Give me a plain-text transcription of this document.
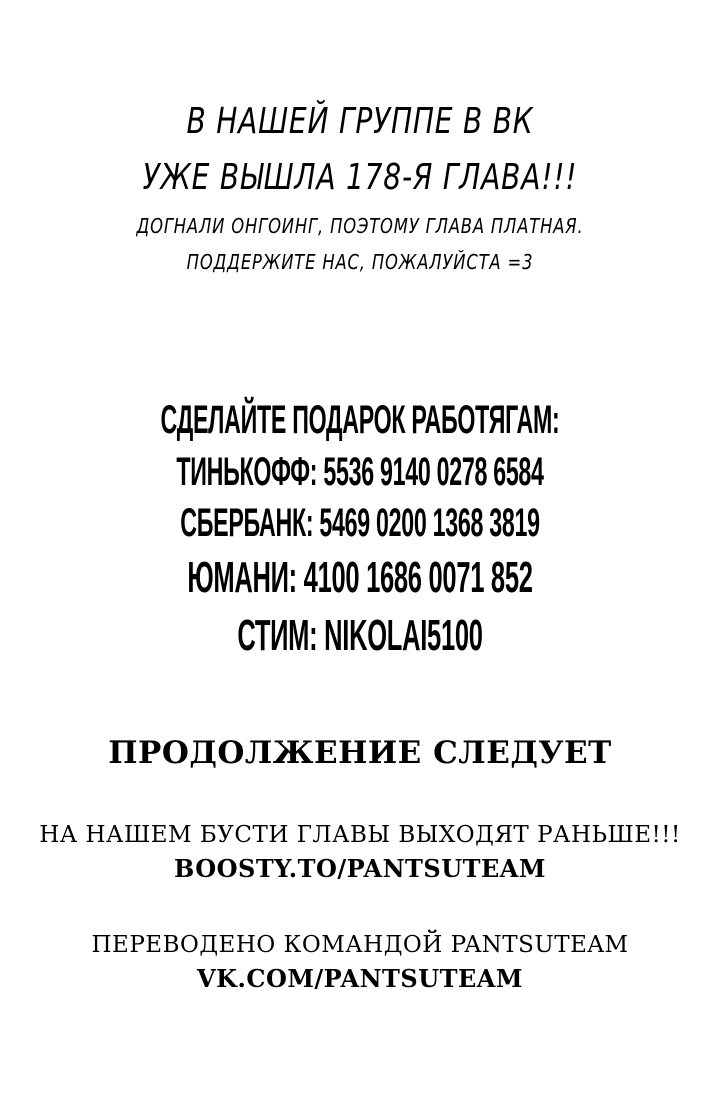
В НАШЕЙ ГРУППЕ В ВК
УЖЕ ВЫШЛА 178-Я ГЛАВА!!!
ДОГНАЛИ ОНГОИНГ, ПОЭТОМУ ГЛАВА ПЛАТНАЯ.
ПОДДЕРЖИТЕ НАС, ПОЖАЛУЙСТА =3
СДЕЛАЙТЕ ПОДАРОК РАБОТЯГАМ:
ТИНЬКОФФ: 5536 9140 0278 6584
СБЕРБАНК: 5469 0200 1368 3819
ЮМАНИ: 4100 1686 0071 852
СТИМ: NIKOLAI5100
ПРОДОЛЖЕНИЕ СЛЕДУЕТ
НА НАШЕМ БУСТИ ГЛАВЫ ВЫХОДЯТ РАНЬШЕ!!!
BOOSTY.TO/PANTSUTEAM
ПЕРЕВОДЕНО КОМАНДОЙ PANTSUTEAM
VK.COM/PANTSUTEAM
